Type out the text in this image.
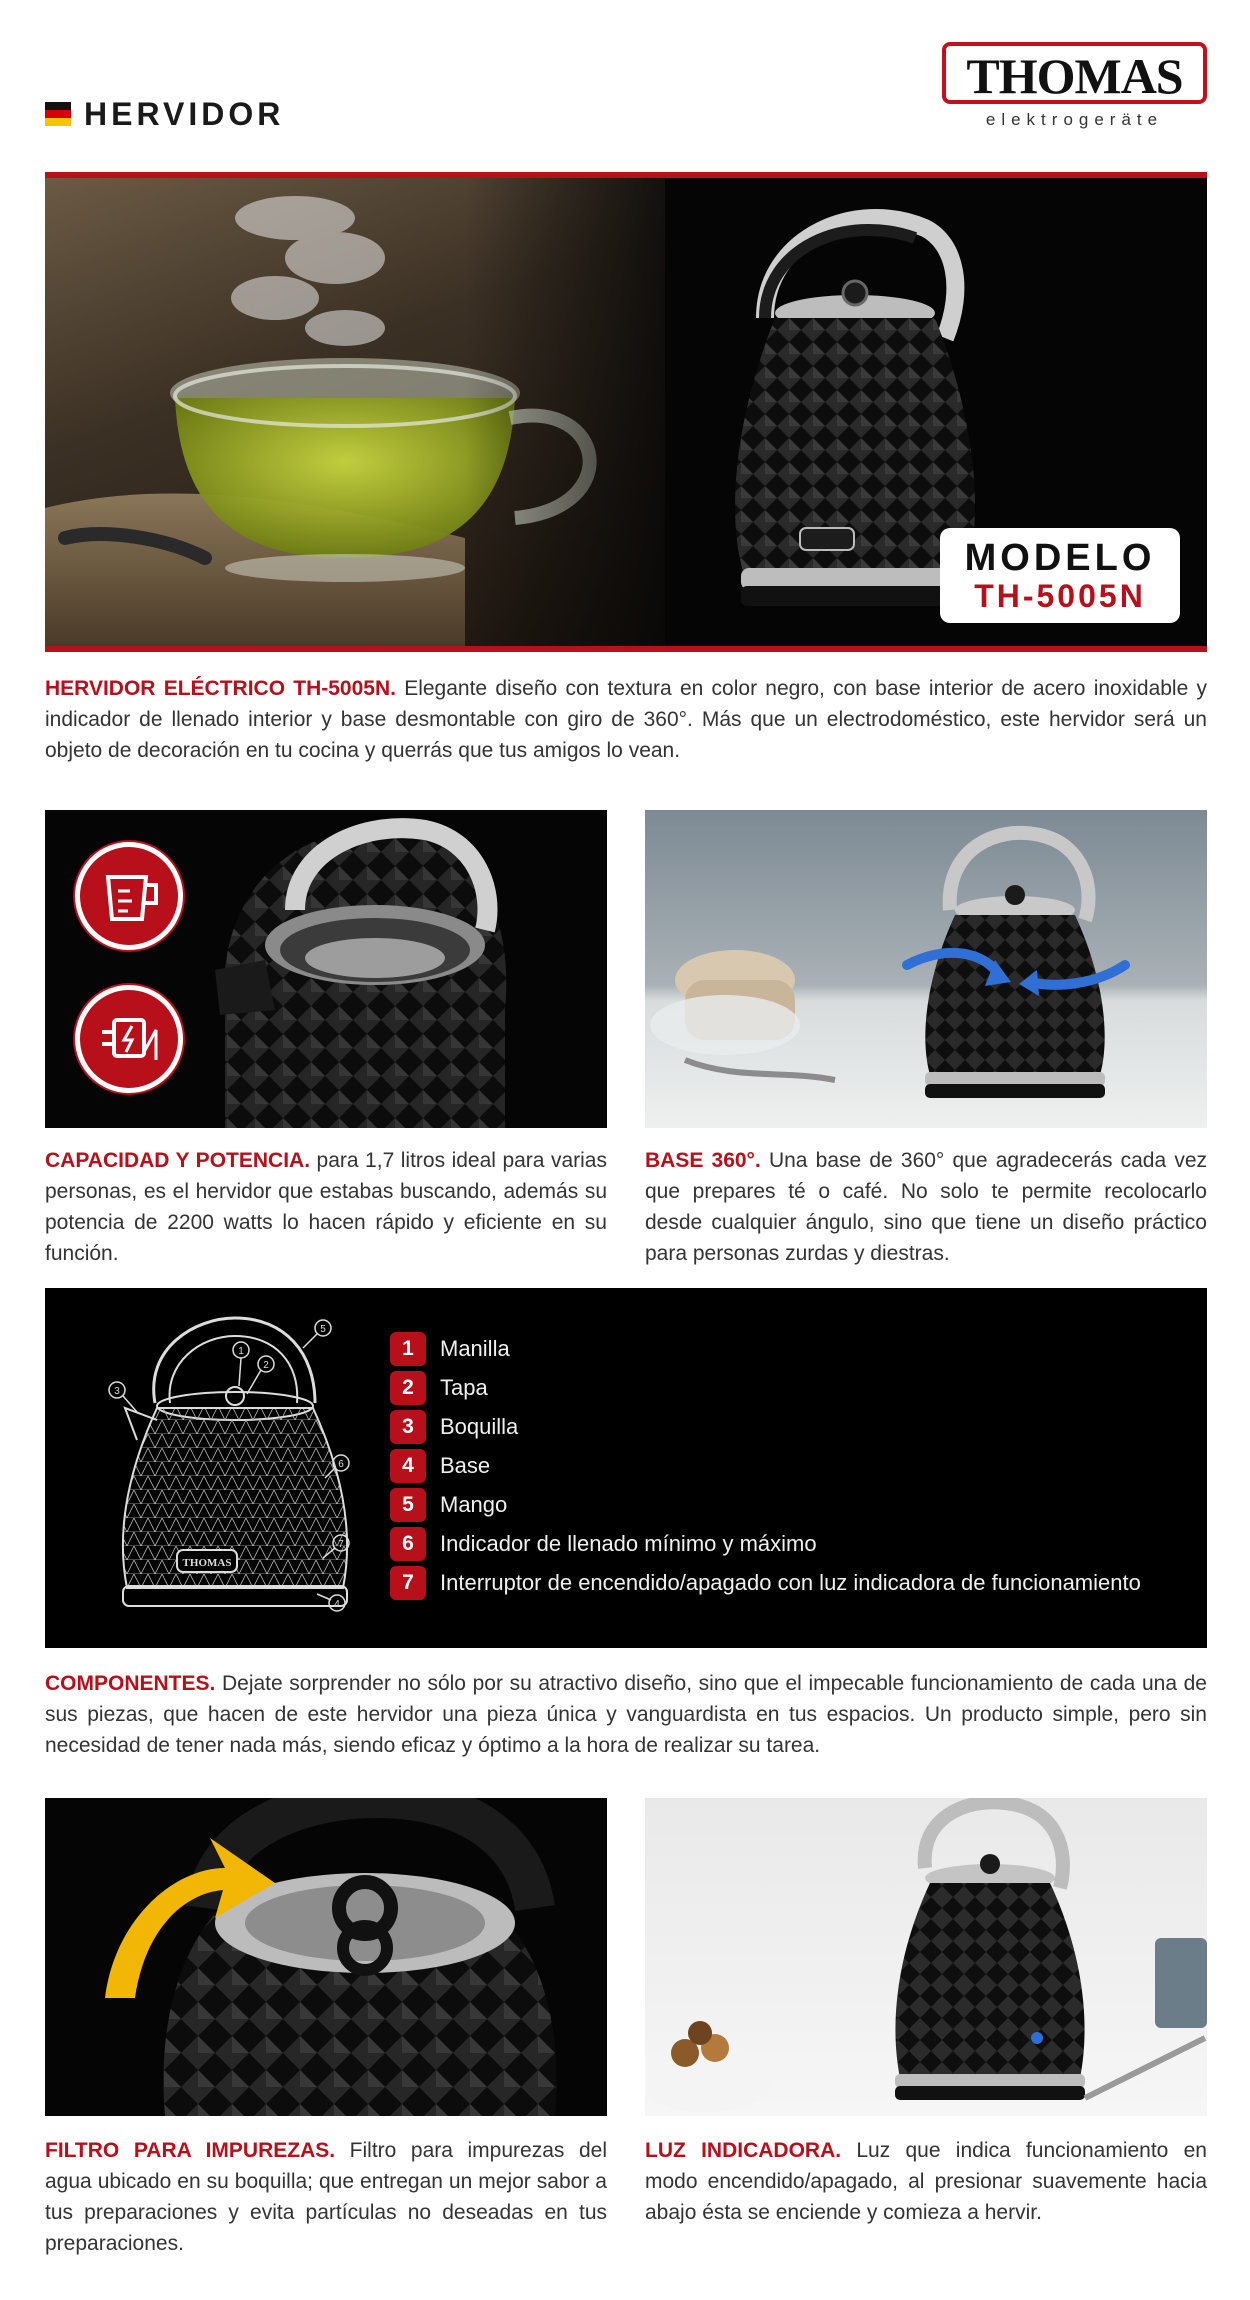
HERVIDOR
THOMAS
elektrogeräte
MODELO
TH-5005N
HERVIDOR ELÉCTRICO TH-5005N. Elegante diseño con textura en color negro, con base interior de acero inoxidable y indicador de llenado interior y base desmontable con giro de 360°. Más que un electrodoméstico, este hervidor será un objeto de decoración en tu cocina y querrás que tus amigos lo vean.
CAPACIDAD Y POTENCIA. para 1,7 litros ideal para varias personas, es el hervidor que estabas buscando, además su potencia de 2200 watts lo hacen rápido y eficiente en su función.
BASE 360°. Una base de 360° que agradecerás cada vez que prepares té o café. No solo te permite recolocarlo desde cualquier ángulo, sino que tiene un diseño práctico para personas zurdas y diestras.
THOMAS
1
2
3
4
5
6
7
1	Manilla
2	Tapa
3	Boquilla
4	Base
5	Mango
6	Indicador de llenado mínimo y máximo
7	Interruptor de encendido/apagado con luz indicadora de funcionamiento
COMPONENTES. Dejate sorprender no sólo por su atractivo diseño, sino que el impecable funcionamiento de cada una de sus piezas, que hacen de este hervidor una pieza única y vanguardista en tus espacios. Un producto simple, pero sin necesidad de tener nada más, siendo eficaz y óptimo a la hora de realizar su tarea.
FILTRO PARA IMPUREZAS. Filtro para impurezas del agua ubicado en su boquilla; que entregan un mejor sabor a tus preparaciones y evita partículas no deseadas en tus preparaciones.
LUZ INDICADORA. Luz que indica funcionamiento en modo encendido/apagado, al presionar suavemente hacia abajo ésta se enciende y comieza a hervir.
